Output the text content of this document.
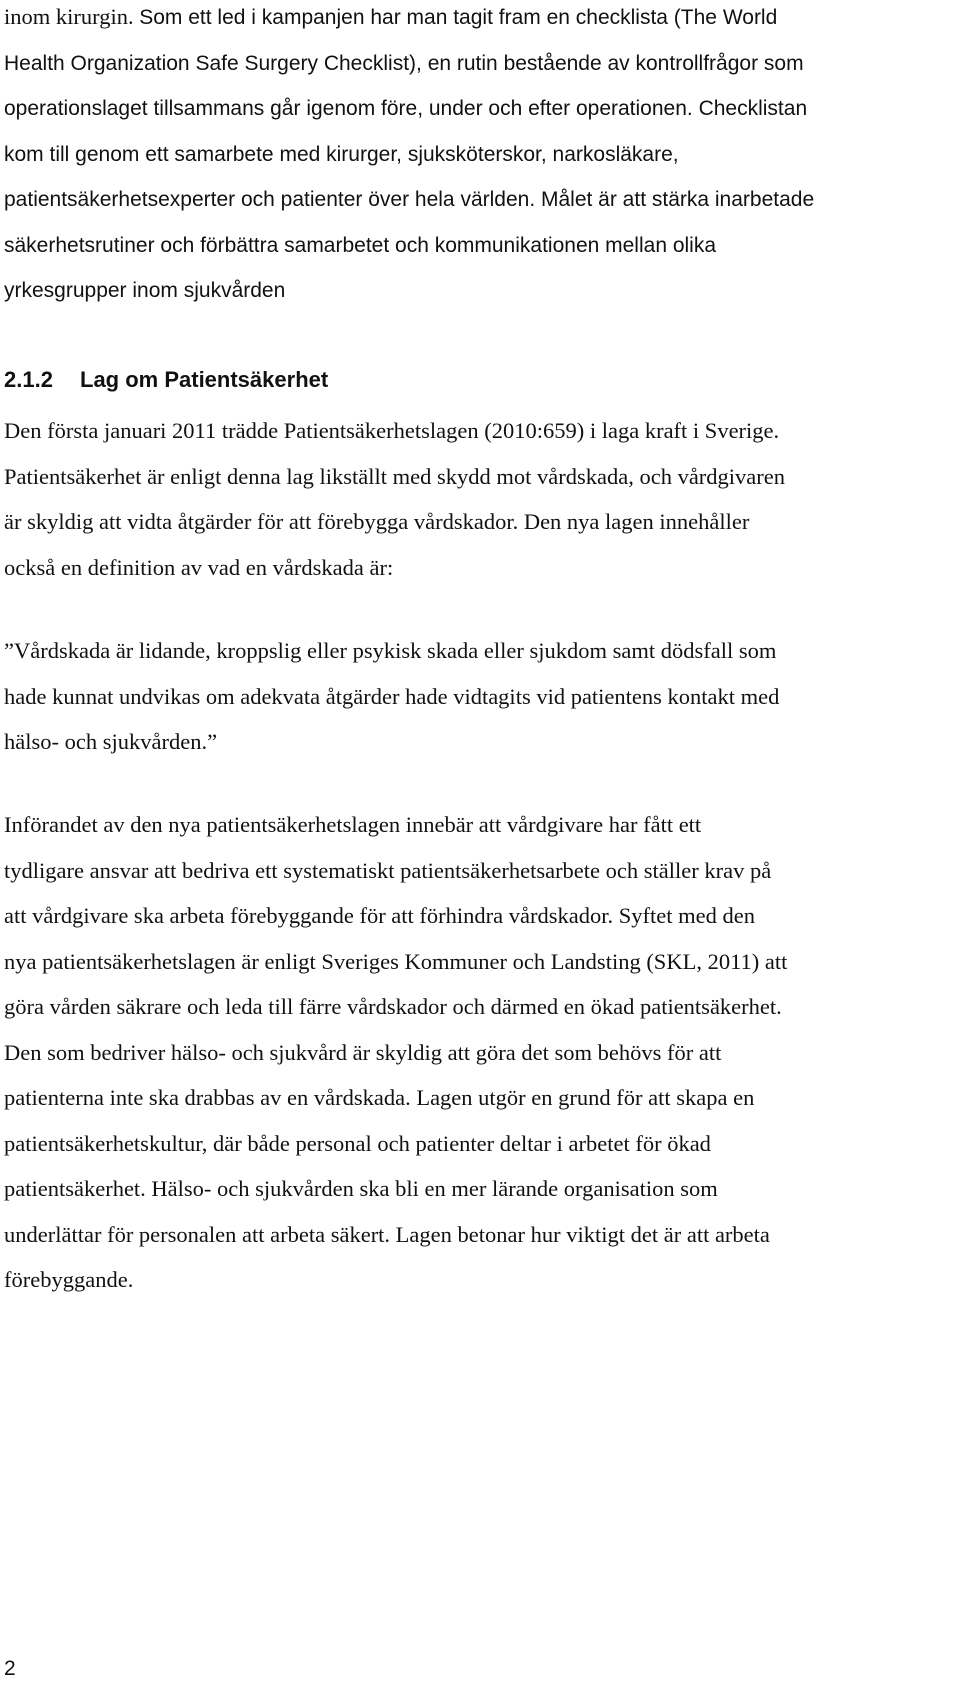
inom kirurgin. Som ett led i kampanjen har man tagit fram en checklista (The World
Health Organization Safe Surgery Checklist), en rutin bestående av kontrollfrågor som
operationslaget tillsammans går igenom före, under och efter operationen. Checklistan
kom till genom ett samarbete med kirurger, sjuksköterskor, narkosläkare,
patientsäkerhetsexperter och patienter över hela världen. Målet är att stärka inarbetade
säkerhetsrutiner och förbättra samarbetet och kommunikationen mellan olika
yrkesgrupper inom sjukvården
2.1.2 Lag om Patientsäkerhet
Den första januari 2011 trädde Patientsäkerhetslagen (2010:659) i laga kraft i Sverige.
Patientsäkerhet är enligt denna lag likställt med skydd mot vårdskada, och vårdgivaren
är skyldig att vidta åtgärder för att förebygga vårdskador. Den nya lagen innehåller
också en definition av vad en vårdskada är:
”Vårdskada är lidande, kroppslig eller psykisk skada eller sjukdom samt dödsfall som
hade kunnat undvikas om adekvata åtgärder hade vidtagits vid patientens kontakt med
hälso- och sjukvården.”
Införandet av den nya patientsäkerhetslagen innebär att vårdgivare har fått ett
tydligare ansvar att bedriva ett systematiskt patientsäkerhetsarbete och ställer krav på
att vårdgivare ska arbeta förebyggande för att förhindra vårdskador. Syftet med den
nya patientsäkerhetslagen är enligt Sveriges Kommuner och Landsting (SKL, 2011) att
göra vården säkrare och leda till färre vårdskador och därmed en ökad patientsäkerhet.
Den som bedriver hälso- och sjukvård är skyldig att göra det som behövs för att
patienterna inte ska drabbas av en vårdskada. Lagen utgör en grund för att skapa en
patientsäkerhetskultur, där både personal och patienter deltar i arbetet för ökad
patientsäkerhet. Hälso- och sjukvården ska bli en mer lärande organisation som
underlättar för personalen att arbeta säkert. Lagen betonar hur viktigt det är att arbeta
förebyggande.
2
